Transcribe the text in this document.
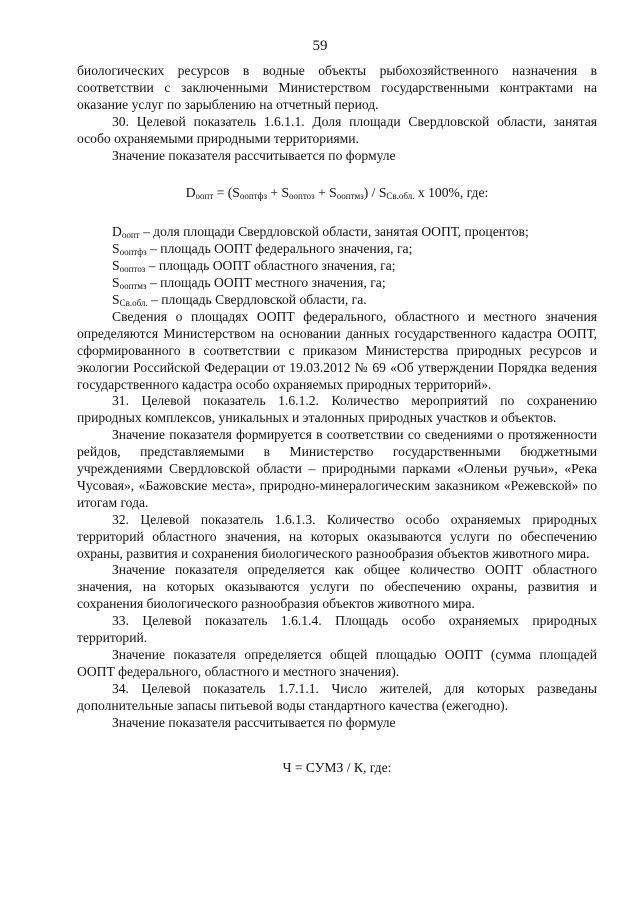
59

биологических ресурсов в водные объекты рыбохозяйственного назначения в соответствии с заключенными Министерством государственными контрактами на оказание услуг по зарыблению на отчетный период.

30. Целевой показатель 1.6.1.1. Доля площади Свердловской области, занятая особо охраняемыми природными территориями.

Значение показателя рассчитывается по формуле

$D_{оопт} = (S_{оoптфз} + S_{оoптоз} + S_{оoптмз}) / S_{Св.обл.}$ x 100%, где:

$D_{оопт}$ – доля площади Свердловской области, занятая ООПТ, процентов;

$S_{оoптфз}$ – площадь ООПТ федерального значения, га;

$S_{оoптоз}$ – площадь ООПТ областного значения, га;

$S_{оoптмз}$ – площадь ООПТ местного значения, га;

$S_{Св.обл.}$ – площадь Свердловской области, га.

Сведения о площадях ООПТ федерального, областного и местного значения определяются Министерством на основании данных государственного кадастра ООПТ, сформированного в соответствии с приказом Министерства природных ресурсов и экологии Российской Федерации от 19.03.2012 № 69 «Об утверждении Порядка ведения государственного кадастра особо охраняемых природных территорий».

31. Целевой показатель 1.6.1.2. Количество мероприятий по сохранению природных комплексов, уникальных и эталонных природных участков и объектов.

Значение показателя формируется в соответствии со сведениями о протяженности рейдов, представляемыми в Министерство государственными бюджетными учреждениями Свердловской области – природными парками «Оленьи ручьи», «Река Чусовая», «Бажовские места», природно-минералогическим заказником «Режевской» по итогам года.

32. Целевой показатель 1.6.1.3. Количество особо охраняемых природных территорий областного значения, на которых оказываются услуги по обеспечению охраны, развития и сохранения биологического разнообразия объектов животного мира.

Значение показателя определяется как общее количество ООПТ областного значения, на которых оказываются услуги по обеспечению охраны, развития и сохранения биологического разнообразия объектов животного мира.

33. Целевой показатель 1.6.1.4. Площадь особо охраняемых природных территорий.

Значение показателя определяется общей площадью ООПТ (сумма площадей ООПТ федерального, областного и местного значения).

34. Целевой показатель 1.7.1.1. Число жителей, для которых разведаны дополнительные запасы питьевой воды стандартного качества (ежегодно).

Значение показателя рассчитывается по формуле

Ч = СУМЗ / К, где:
